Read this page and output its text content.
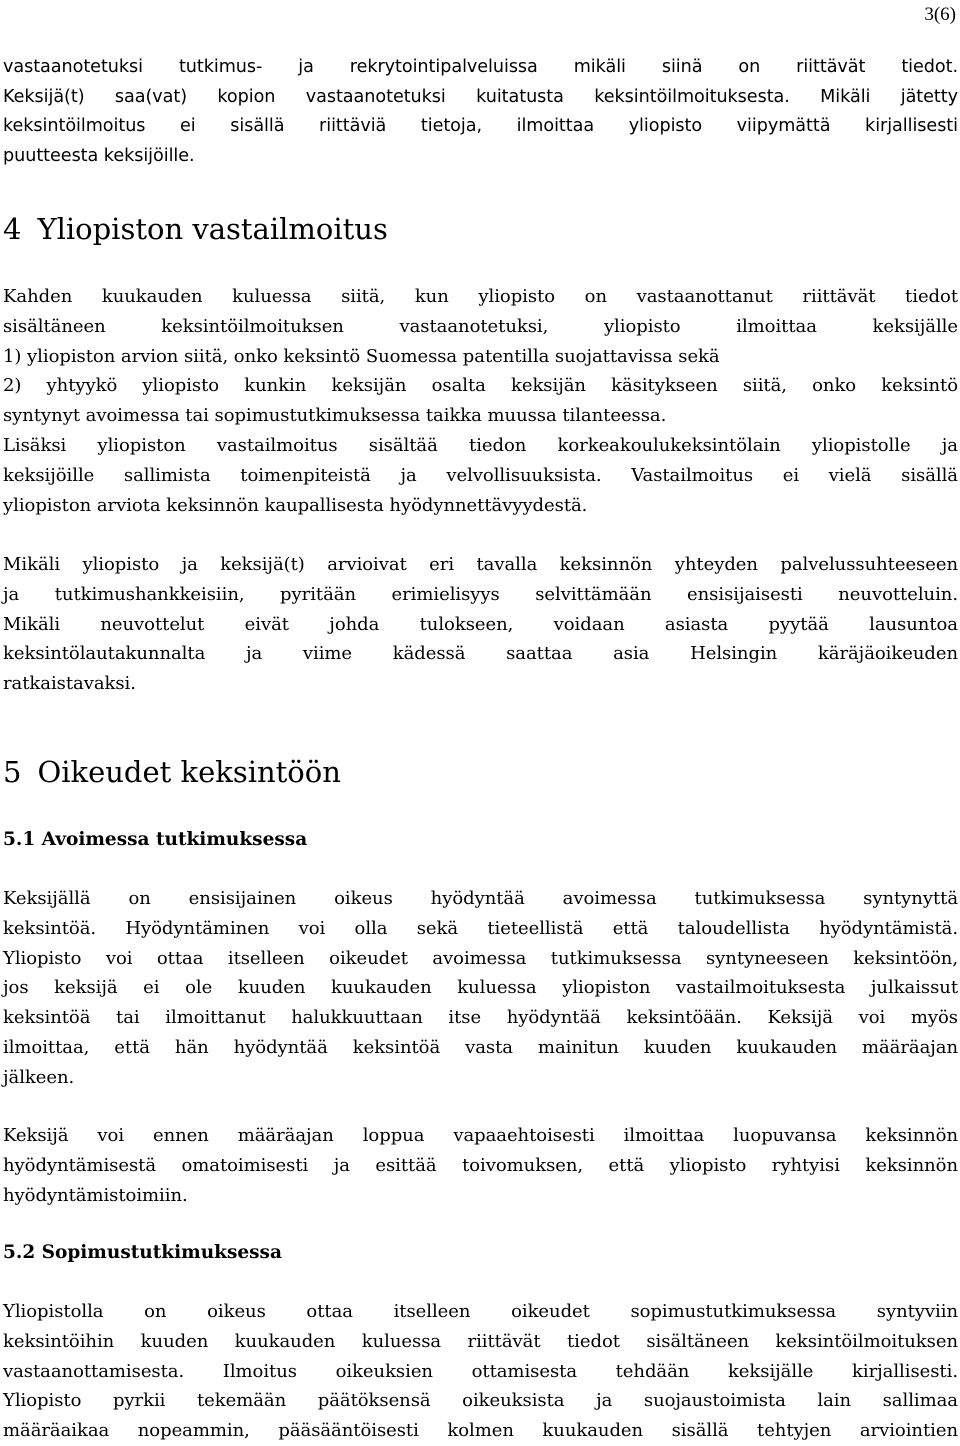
3(6)

vastaanotetuksi tutkimus- ja rekrytointipalveluissa mikäli siinä on riittävät tiedot.
Keksijä(t) saa(vat) kopion vastaanotetuksi kuitatusta keksintöilmoituksesta. Mikäli jätetty
keksintöilmoitus ei sisällä riittäviä tietoja, ilmoittaa yliopisto viipymättä kirjallisesti
puutteesta keksijöille.

4 Yliopiston vastailmoitus

Kahden kuukauden kuluessa siitä, kun yliopisto on vastaanottanut riittävät tiedot
sisältäneen keksintöilmoituksen vastaanotetuksi, yliopisto ilmoittaa keksijälle
1) yliopiston arvion siitä, onko keksintö Suomessa patentilla suojattavissa sekä
2) yhtyykö yliopisto kunkin keksijän osalta keksijän käsitykseen siitä, onko keksintö
syntynyt avoimessa tai sopimustutkimuksessa taikka muussa tilanteessa.
Lisäksi yliopiston vastailmoitus sisältää tiedon korkeakoulukeksintölain yliopistolle ja
keksijöille sallimista toimenpiteistä ja velvollisuuksista. Vastailmoitus ei vielä sisällä
yliopiston arviota keksinnön kaupallisesta hyödynnettävyydestä.

Mikäli yliopisto ja keksijä(t) arvioivat eri tavalla keksinnön yhteyden palvelussuhteeseen
ja tutkimushankkeisiin, pyritään erimielisyys selvittämään ensisijaisesti neuvotteluin.
Mikäli neuvottelut eivät johda tulokseen, voidaan asiasta pyytää lausuntoa
keksintölautakunnalta ja viime kädessä saattaa asia Helsingin käräjäoikeuden
ratkaistavaksi.

5 Oikeudet keksintöön
5.1 Avoimessa tutkimuksessa

Keksijällä on ensisijainen oikeus hyödyntää avoimessa tutkimuksessa syntynyttä
keksintöä. Hyödyntäminen voi olla sekä tieteellistä että taloudellista hyödyntämistä.
Yliopisto voi ottaa itselleen oikeudet avoimessa tutkimuksessa syntyneeseen keksintöön,
jos keksijä ei ole kuuden kuukauden kuluessa yliopiston vastailmoituksesta julkaissut
keksintöä tai ilmoittanut halukkuuttaan itse hyödyntää keksintöään. Keksijä voi myös
ilmoittaa, että hän hyödyntää keksintöä vasta mainitun kuuden kuukauden määräajan
jälkeen.

Keksijä voi ennen määräajan loppua vapaaehtoisesti ilmoittaa luopuvansa keksinnön
hyödyntämisestä omatoimisesti ja esittää toivomuksen, että yliopisto ryhtyisi keksinnön
hyödyntämistoimiin.

5.2 Sopimustutkimuksessa

Yliopistolla on oikeus ottaa itselleen oikeudet sopimustutkimuksessa syntyviin
keksintöihin kuuden kuukauden kuluessa riittävät tiedot sisältäneen keksintöilmoituksen
vastaanottamisesta. Ilmoitus oikeuksien ottamisesta tehdään keksijälle kirjallisesti.
Yliopisto pyrkii tekemään päätöksensä oikeuksista ja suojaustoimista lain sallimaa
määräaikaa nopeammin, pääsääntöisesti kolmen kuukauden sisällä tehtyjen arviointien
